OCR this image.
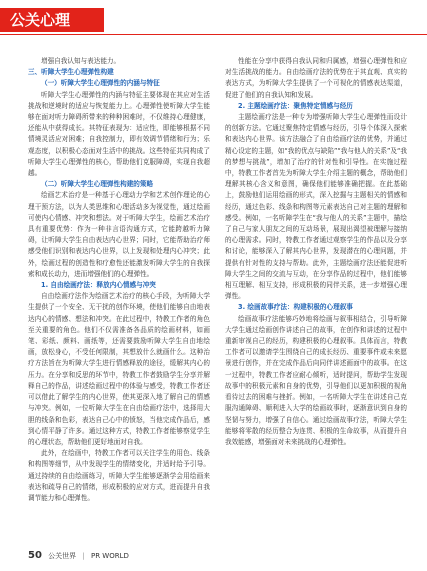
公关心理
增强自我认知与表达能力。
三、听障大学生心理弹性构建
（一）听障大学生心理弹性的内涵与特征
听障大学生心理弹性的内涵与特征主要体现在其应对生活挑战和逆境时的适应与恢复能力上。心理弹性使听障大学生能够在面对听力障碍所带来的种种困难时，不仅维持心理健康，还能从中获得成长。其特征表现为：适应性，即能够根据不同情境灵活应对困难；自我控制力，即有效调节情绪和行为；乐观态度，以积极心态面对生活中的挑战。这些特征共同构成了听障大学生心理弹性的核心，帮助他们克服障碍，实现自我超越。
（二）听障大学生心理弹性构建的策略
绘画艺术治疗是一种基于心理动力学和艺术创作理论的心理干预方法，以为人类思维和心理活动多为视觉性，通过绘画可使内心情感、冲突和想法。对于听障大学生，绘画艺术治疗具有重要优势：作为一种非言语沟通方式，它能跨越听力障碍，让听障大学生自由表达内心世界；同时，它能帮助治疗师感受他们识别和表达内心世界，以上发现和处理内心冲突；此外，绘画过程的创造性和疗愈性还能激发听障大学生的自我探索和成长动力，进而增强他们的心理弹性。
1. 自由绘画疗法：释放内心情感与冲突
自由绘画疗法作为绘画艺术治疗的核心手段，为听障大学生提供了一个安全、无干扰的创作环境，使他们能够自由地表达内心的情感、想法和冲突。在此过程中，特教工作者的角色至关重要的角色。他们不仅需准备各品质的绘画材料，如画笔、彩纸、颜料、画纸等，还需要鼓励听障大学生自由地绘画，放松身心，不受任何限制，其想放什么就画什么。这种治疗方法旨在为听障大学生进行情感释放的途径，缓解其内心的压力。在分享和反思的环节中，特教工作者鼓励学生分享并解释自己的作品，讲述绘画过程中的体验与感受，特教工作者还可以借此了解学生的内心世界，使其更深入地了解自己的情感与冲突。例如，一位听障大学生在自由绘画疗法中，选择用大胆的线条和色彩，表达自己心中的愤怒，当他完成作品后，感到心情平静了许多。通过这种方式，特教工作者能够察觉学生的心理状态，帮助他们更好地面对自我。
此外，在绘画中，特教工作者可以关注学生的用色、线条和构图等细节，从中发现学生的情绪变化，并适时给予引导。通过持续的自由绘画练习，听障大学生能够逐渐学会用绘画来表达和疏导自己的情绪，形成积极的应对方式，进而提升自我调节能力和心理弹性。
性能在分享中获得自我认同和归属感，增强心理弹性和应对生活挑战的能力。自由绘画疗法的优势在于其直观、真实的表达方式，为听障大学生提供了一个可视化的情感表达渠道，促进了他们的自我认知和发展。
2. 主题绘画疗法：聚焦特定情感与经历
主题绘画疗法是一种专为增强听障大学生心理弹性而设计的创新方法。它通过聚焦特定情感与经历，引导个体深入探索和表达内心世界。该方法融合了自由绘画疗法的优势，并通过精心设定的主题，如“我的优点与缺陷”“我与他人的关系”及“我的梦想与挑战”，增加了治疗的针对性和引导性。在实施过程中，特教工作者首先为听障大学生介绍主题的概念，帮助他们理解其核心含义和意图，确保他们能够准确把握。在此基础上，鼓励他们运用绘画的形式，深入挖掘与主题相关的情感和经历，通过色彩、线条和构图等元素表达自己对主题的理解和感受。例如，一名听障学生在“我与他人的关系”主题中，描绘了自己与家人朋友之间的互动场景，展现出渴望被理解与接纳的心理需求。同时，特教工作者通过观察学生的作品以及分享和讨论，能够深入了解其内心世界，发现潜在的心理问题，并提供有针对性的支持与帮助。此外，主题绘画疗法还能促进听障大学生之间的交流与互动，在分享作品的过程中，他们能够相互理解、相互支持，形成积极的同伴关系，进一步增强心理弹性。
3. 绘画故事疗法：构建积极的心理叙事
绘画故事疗法能够巧妙地将绘画与叙事相结合，引导听障大学生通过绘画创作讲述自己的故事，在创作和讲述的过程中重新审视自己的经历，构建积极的心理叙事。具体而言，特教工作者可以邀请学生围绕自己的成长经历、重要事件或未来愿景进行创作，并在完成作品后向同伴讲述画面中的故事。在这一过程中，特教工作者应耐心倾听，适时提问，帮助学生发现故事中的积极元素和自身的优势，引导他们以更加积极的视角看待过去的困难与挫折。例如，一名听障大学生在讲述自己克服沟通障碍、顺利进入大学的绘画故事时，逐渐意识到自身的坚韧与努力，增强了自信心。通过绘画故事疗法，听障大学生能够将零散的经历整合为连贯、积极的生命故事，从而提升自我效能感，增强面对未来挑战的心理弹性。
50 公关世界 | PR WORLD
